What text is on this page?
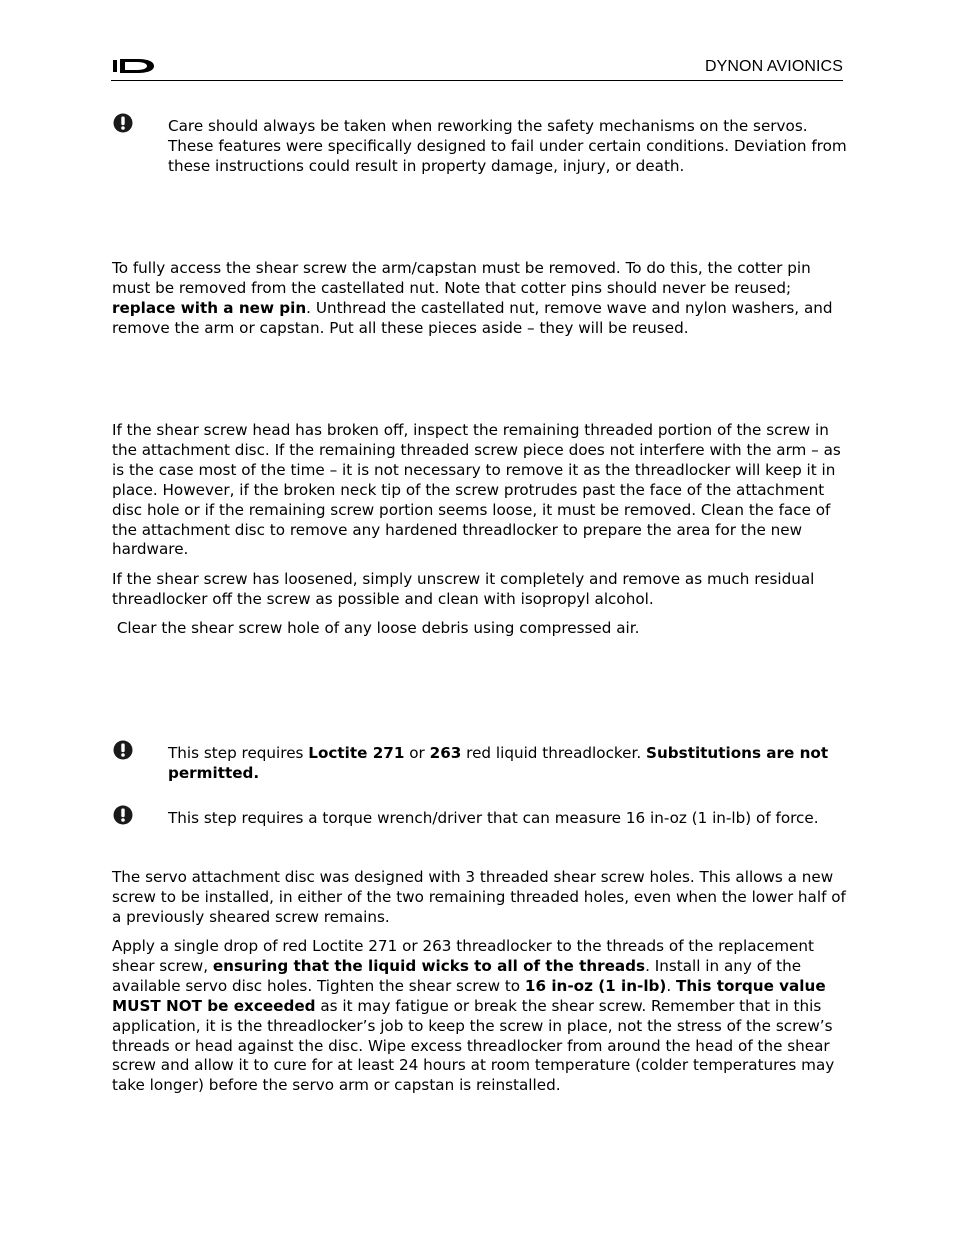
DYNON AVIONICS
Care should always be taken when reworking the safety mechanisms on the servos. These features were specifically designed to fail under certain conditions. Deviation from these instructions could result in property damage, injury, or death.
To fully access the shear screw the arm/capstan must be removed. To do this, the cotter pin must be removed from the castellated nut. Note that cotter pins should never be reused; replace with a new pin. Unthread the castellated nut, remove wave and nylon washers, and remove the arm or capstan. Put all these pieces aside – they will be reused.
If the shear screw head has broken off, inspect the remaining threaded portion of the screw in the attachment disc. If the remaining threaded screw piece does not interfere with the arm – as is the case most of the time – it is not necessary to remove it as the threadlocker will keep it in place. However, if the broken neck tip of the screw protrudes past the face of the attachment disc hole or if the remaining screw portion seems loose, it must be removed. Clean the face of the attachment disc to remove any hardened threadlocker to prepare the area for the new hardware.
If the shear screw has loosened, simply unscrew it completely and remove as much residual threadlocker off the screw as possible and clean with isopropyl alcohol.
Clear the shear screw hole of any loose debris using compressed air.
This step requires Loctite 271 or 263 red liquid threadlocker. Substitutions are not permitted.
This step requires a torque wrench/driver that can measure 16 in-oz (1 in-lb) of force.
The servo attachment disc was designed with 3 threaded shear screw holes. This allows a new screw to be installed, in either of the two remaining threaded holes, even when the lower half of a previously sheared screw remains.
Apply a single drop of red Loctite 271 or 263 threadlocker to the threads of the replacement shear screw, ensuring that the liquid wicks to all of the threads. Install in any of the available servo disc holes. Tighten the shear screw to 16 in-oz (1 in-lb). This torque value MUST NOT be exceeded as it may fatigue or break the shear screw. Remember that in this application, it is the threadlocker’s job to keep the screw in place, not the stress of the screw’s threads or head against the disc. Wipe excess threadlocker from around the head of the shear screw and allow it to cure for at least 24 hours at room temperature (colder temperatures may take longer) before the servo arm or capstan is reinstalled.
